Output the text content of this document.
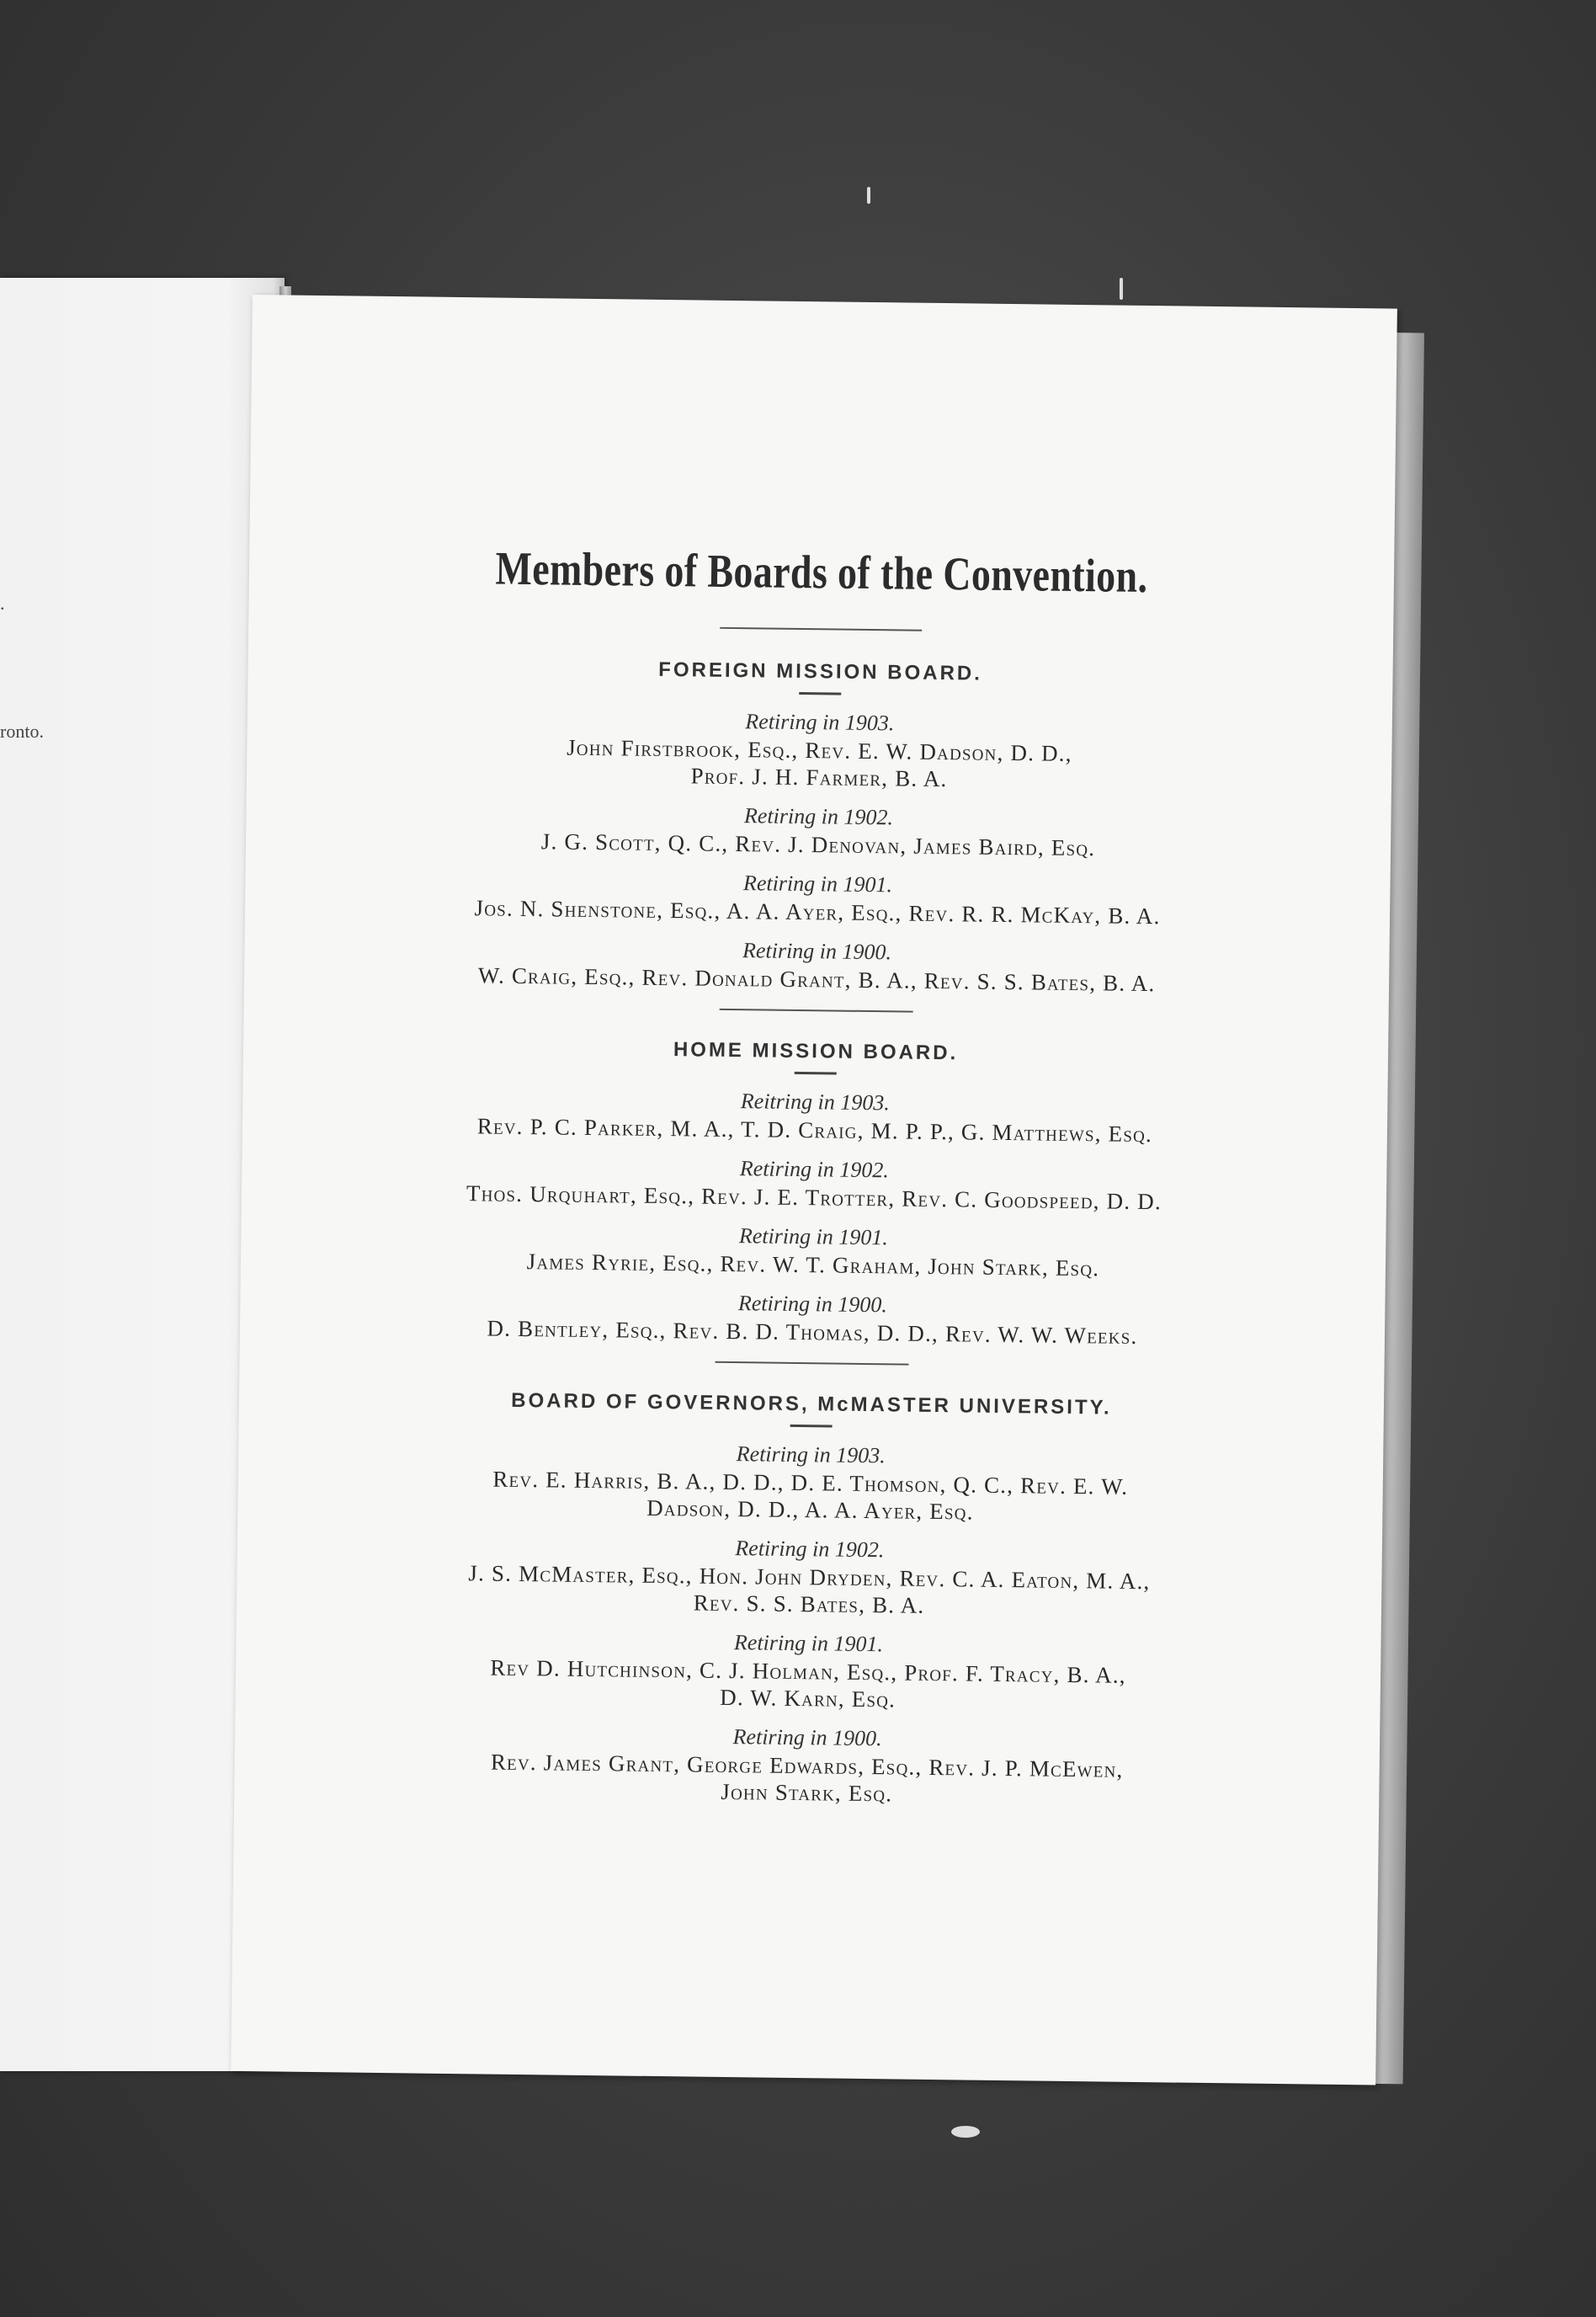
.
ronto.
Members of Boards of the Convention.
FOREIGN MISSION BOARD.

Retiring in 1903.

John Firstbrook, Esq., Rev. E. W. Dadson, D. D.,

Prof. J. H. Farmer, B. A.

Retiring in 1902.

J. G. Scott, Q. C., Rev. J. Denovan, James Baird, Esq.

Retiring in 1901.

Jos. N. Shenstone, Esq., A. A. Ayer, Esq., Rev. R. R. McKay, B. A.

Retiring in 1900.

W. Craig, Esq., Rev. Donald Grant, B. A., Rev. S. S. Bates, B. A.

HOME MISSION BOARD.

Reitring in 1903.

Rev. P. C. Parker, M. A., T. D. Craig, M. P. P., G. Matthews, Esq.

Retiring in 1902.

Thos. Urquhart, Esq., Rev. J. E. Trotter, Rev. C. Goodspeed, D. D.

Retiring in 1901.

James Ryrie, Esq., Rev. W. T. Graham, John Stark, Esq.

Retiring in 1900.

D. Bentley, Esq., Rev. B. D. Thomas, D. D., Rev. W. W. Weeks.

BOARD OF GOVERNORS, McMASTER UNIVERSITY.

Retiring in 1903.

Rev. E. Harris, B. A., D. D., D. E. Thomson, Q. C., Rev. E. W.

Dadson, D. D., A. A. Ayer, Esq.

Retiring in 1902.

J. S. McMaster, Esq., Hon. John Dryden, Rev. C. A. Eaton, M. A.,

Rev. S. S. Bates, B. A.

Retiring in 1901.

Rev D. Hutchinson, C. J. Holman, Esq., Prof. F. Tracy, B. A.,

D. W. Karn, Esq.

Retiring in 1900.

Rev. James Grant, George Edwards, Esq., Rev. J. P. McEwen,

John Stark, Esq.
